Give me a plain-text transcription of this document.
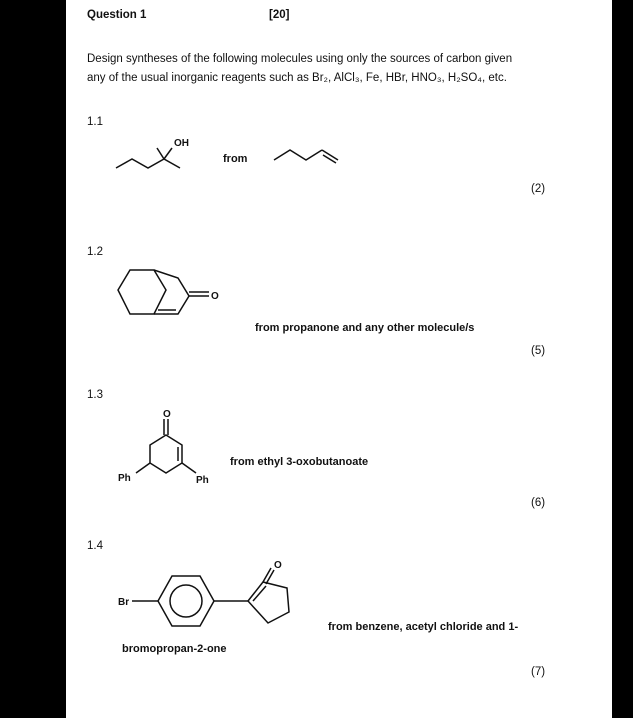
Question 1	[20]
Design syntheses of the following molecules using only the sources of carbon given
any of the usual inorganic reagents such as Br₂, AlCl₃, Fe, HBr, HNO₃, H₂SO₄, etc.
1.1
OH
from
(2)
1.2
O
from propanone and any other molecule/s
(5)
1.3
O
Ph	Ph
from ethyl 3-oxobutanoate
(6)
1.4
Br
O
from benzene, acetyl chloride and 1-
bromopropan-2-one
(7)
